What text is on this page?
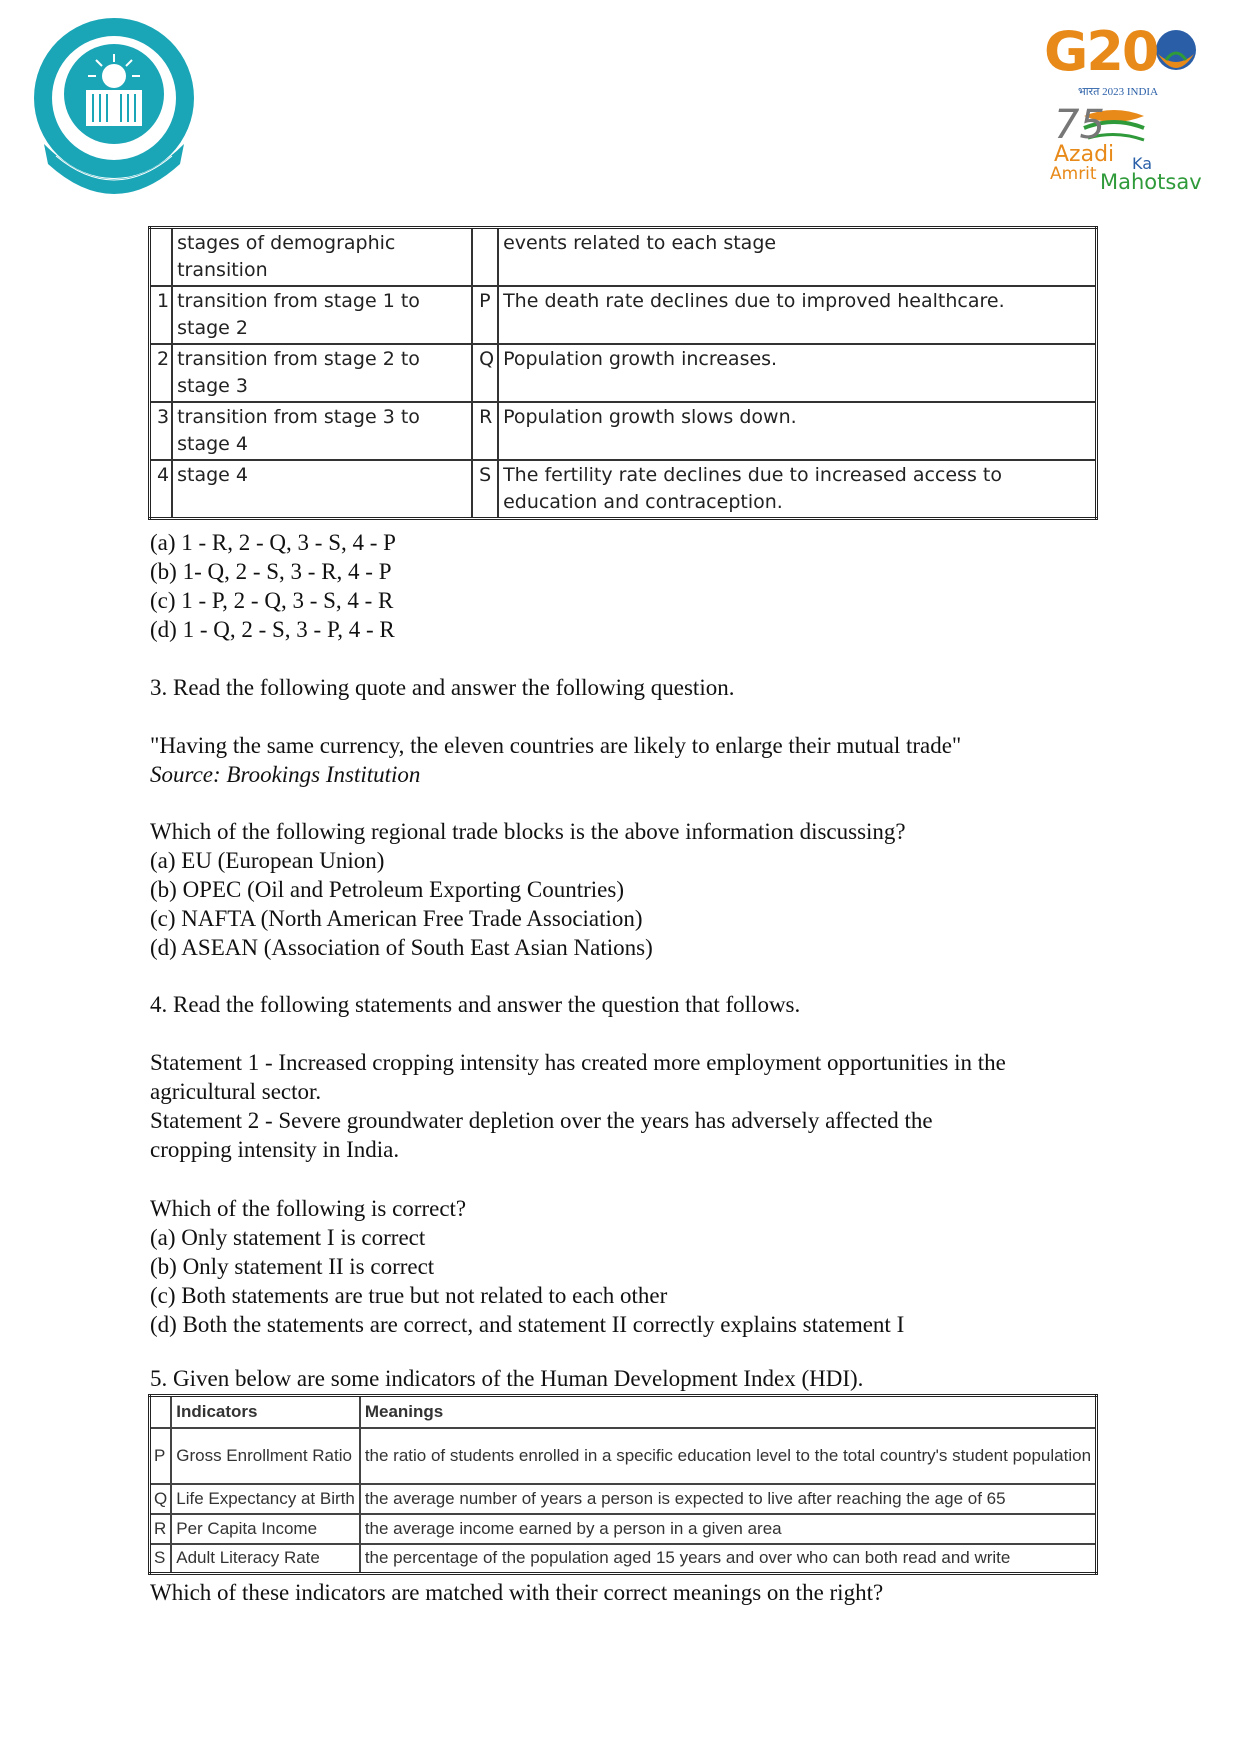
G20
भारत 2023 INDIA
75
Azadi Ka
Amrit Mahotsav
	stages of demographic transition		events related to each stage
1	transition from stage 1 to stage 2	P	The death rate declines due to improved healthcare.
2	transition from stage 2 to stage 3	Q	Population growth increases.
3	transition from stage 3 to stage 4	R	Population growth slows down.
4	stage 4	S	The fertility rate declines due to increased access to education and contraception.
(a) 1 - R, 2 - Q, 3 - S, 4 - P
(b) 1- Q, 2 - S, 3 - R, 4 - P
(c) 1 - P, 2 - Q, 3 - S, 4 - R
(d) 1 - Q, 2 - S, 3 - P, 4 - R
3. Read the following quote and answer the following question.
"Having the same currency, the eleven countries are likely to enlarge their mutual trade"
Source: Brookings Institution
Which of the following regional trade blocks is the above information discussing?
(a) EU (European Union)
(b) OPEC (Oil and Petroleum Exporting Countries)
(c) NAFTA (North American Free Trade Association)
(d) ASEAN (Association of South East Asian Nations)
4. Read the following statements and answer the question that follows.
Statement 1 - Increased cropping intensity has created more employment opportunities in the
agricultural sector.
Statement 2 - Severe groundwater depletion over the years has adversely affected the
cropping intensity in India.
Which of the following is correct?
(a) Only statement I is correct
(b) Only statement II is correct
(c) Both statements are true but not related to each other
(d) Both the statements are correct, and statement II correctly explains statement I
5. Given below are some indicators of the Human Development Index (HDI).
	Indicators	Meanings
P	Gross Enrollment Ratio	the ratio of students enrolled in a specific education level to the total country's student population
Q	Life Expectancy at Birth	the average number of years a person is expected to live after reaching the age of 65
R	Per Capita Income	the average income earned by a person in a given area
S	Adult Literacy Rate	the percentage of the population aged 15 years and over who can both read and write
Which of these indicators are matched with their correct meanings on the right?
